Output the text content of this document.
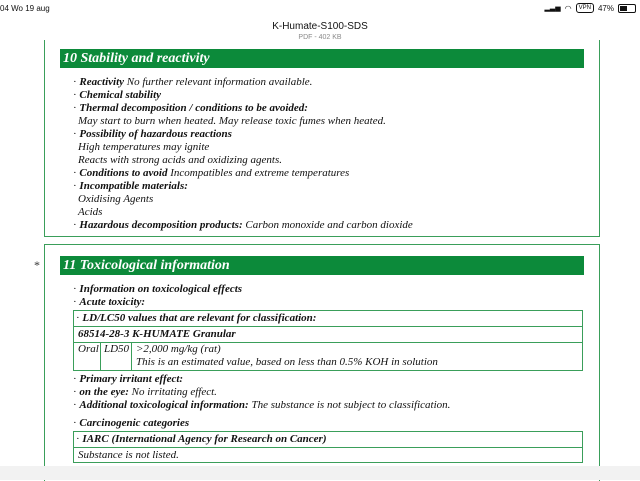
04 Wo 19 aug	▂▃▅ ◠	VPN 47%
K-Humate-S100-SDS
PDF - 402 KB
10 Stability and reactivity
· Reactivity No further relevant information available.
· Chemical stability
· Thermal decomposition / conditions to be avoided:
May start to burn when heated. May release toxic fumes when heated.
· Possibility of hazardous reactions
High temperatures may ignite
Reacts with strong acids and oxidizing agents.
· Conditions to avoid Incompatibles and extreme temperatures
· Incompatible materials:
Oxidising Agents
Acids
· Hazardous decomposition products: Carbon monoxide and carbon dioxide
* 11 Toxicological information
· Information on toxicological effects
· Acute toxicity:
· LD/LC50 values that are relevant for classification:
68514-28-3 K-HUMATE Granular
Oral LD50 >2,000 mg/kg (rat)
This is an estimated value, based on less than 0.5% KOH in solution
· Primary irritant effect:
· on the eye: No irritating effect.
· Additional toxicological information: The substance is not subject to classification.
· Carcinogenic categories
· IARC (International Agency for Research on Cancer)
Substance is not listed.
